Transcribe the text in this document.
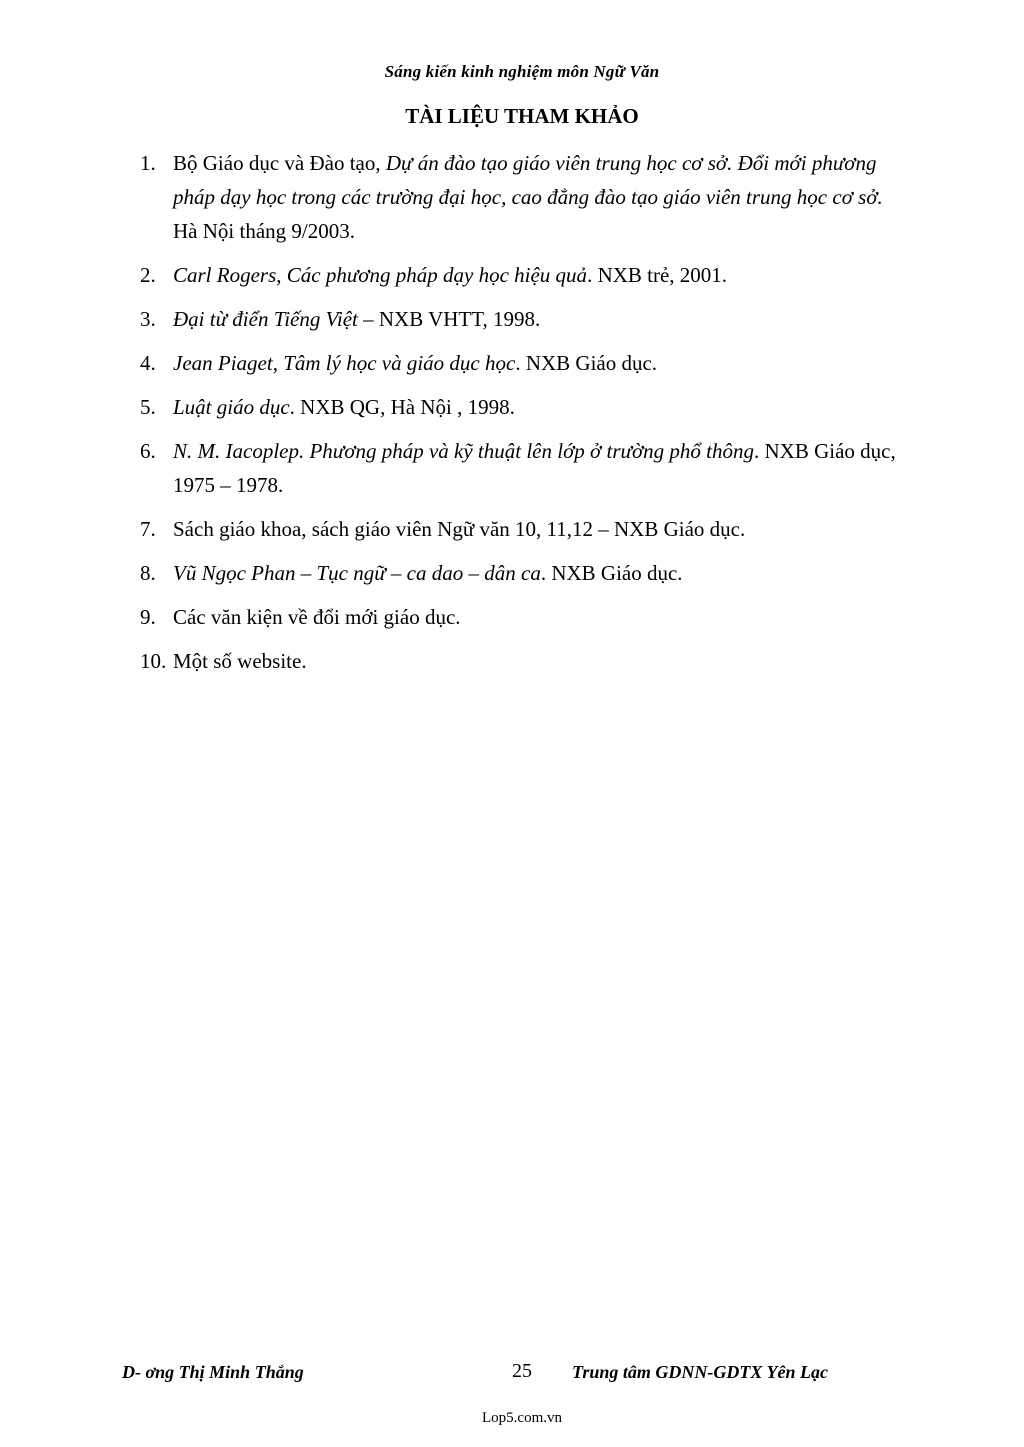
Sáng kiến kinh nghiệm môn Ngữ Văn
TÀI LIỆU THAM KHẢO
1. Bộ Giáo dục và Đào tạo, Dự án đào tạo giáo viên trung học cơ sở. Đổi mới phương pháp dạy học trong các trường đại học, cao đẳng đào tạo giáo viên trung học cơ sở. Hà Nội tháng 9/2003.
2. Carl Rogers, Các phương pháp dạy học hiệu quả. NXB trẻ, 2001.
3. Đại từ điển Tiếng Việt – NXB VHTT, 1998.
4. Jean Piaget, Tâm lý học và giáo dục học. NXB Giáo dục.
5. Luật giáo dục. NXB QG, Hà Nội , 1998.
6. N. M. Iacoplep. Phương pháp và kỹ thuật lên lớp ở trường phổ thông. NXB Giáo dục, 1975 – 1978.
7. Sách giáo khoa, sách giáo viên Ngữ văn 10, 11,12 – NXB Giáo dục.
8. Vũ Ngọc Phan – Tục ngữ – ca dao – dân ca. NXB Giáo dục.
9. Các văn kiện về đổi mới giáo dục.
10. Một số website.
D- ơng Thị Minh Thắng	25 Trung tâm GDNN-GDTX Yên Lạc
Lop5.com.vn
